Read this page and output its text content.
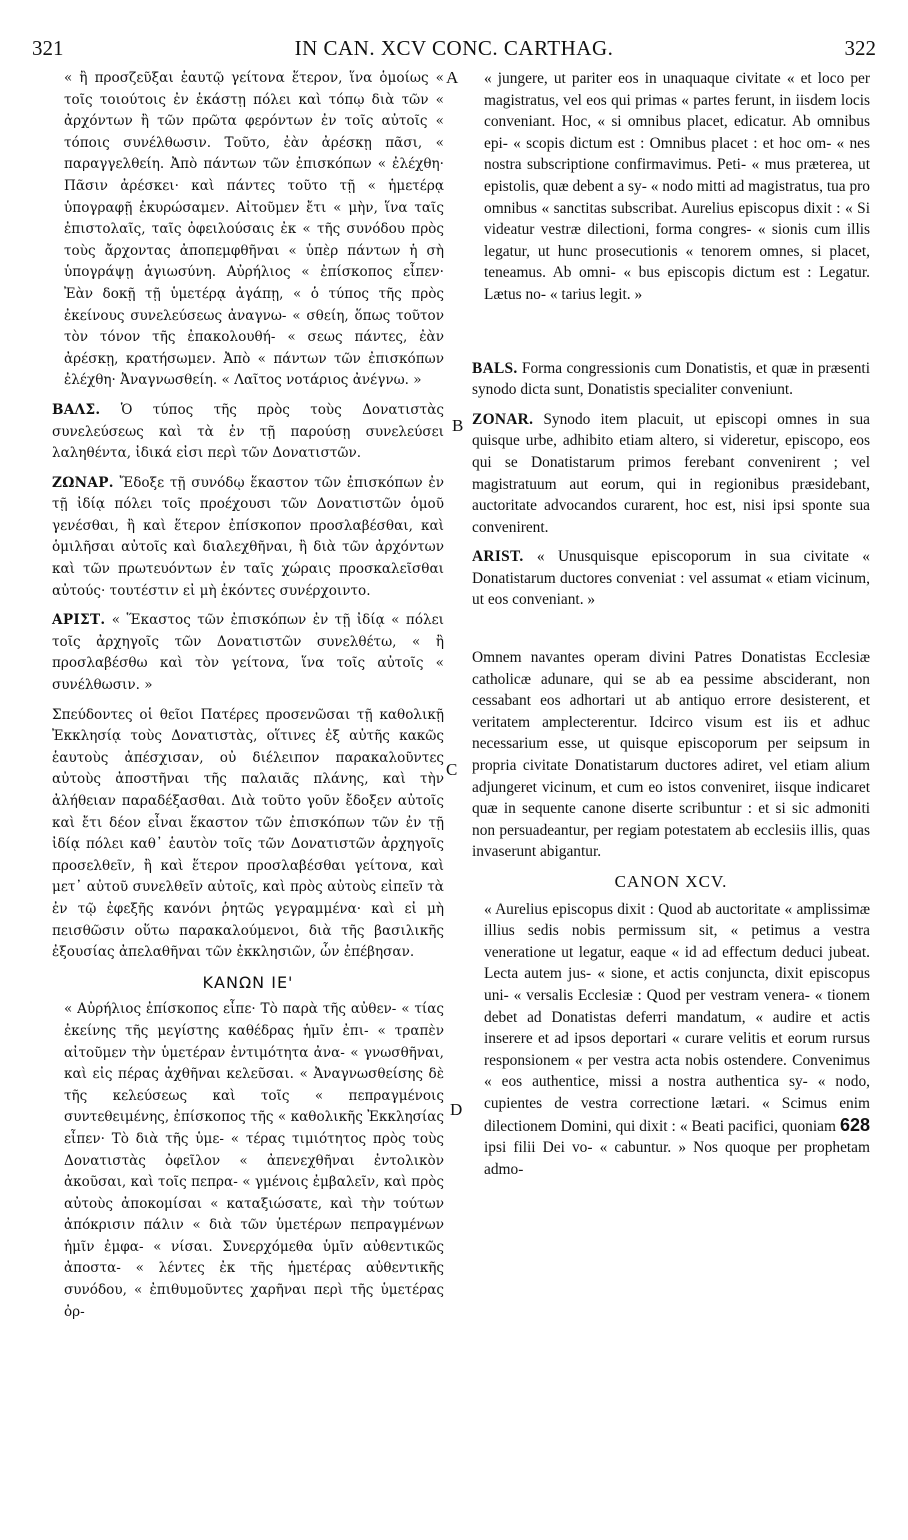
321	IN CAN. XCV CONC. CARTHAG.	322
A
B
C
D

« ἢ προσζεῦξαι ἑαυτῷ γείτονα ἕτερον, ἵνα ὁμοίως « τοῖς τοιούτοις ἐν ἑκάστῃ πόλει καὶ τόπῳ διὰ τῶν « ἀρχόντων ἢ τῶν πρῶτα φερόντων ἐν τοῖς αὐτοῖς « τόποις συνέλθωσιν. Τοῦτο, ἐὰν ἀρέσκῃ πᾶσι, « παραγγελθείη. Ἀπὸ πάντων τῶν ἐπισκόπων « ἐλέχθη· Πᾶσιν ἀρέσκει· καὶ πάντες τοῦτο τῇ « ἡμετέρᾳ ὑπογραφῇ ἐκυρώσαμεν. Αἰτοῦμεν ἔτι « μὴν, ἵνα ταῖς ἐπιστολαῖς, ταῖς ὀφειλούσαις ἐκ « τῆς συνόδου πρὸς τοὺς ἄρχοντας ἀποπεμφθῆναι « ὑπὲρ πάντων ἡ σὴ ὑπογράψῃ ἁγιωσύνη. Αὐρήλιος « ἐπίσκοπος εἶπεν· Ἐὰν δοκῇ τῇ ὑμετέρᾳ ἀγάπῃ, « ὁ τύπος τῆς πρὸς ἐκείνους συνελεύσεως ἀναγνω- « σθείη, ὅπως τοῦτον τὸν τόνον τῆς ἐπακολουθή- « σεως πάντες, ἐὰν ἀρέσκῃ, κρατήσωμεν. Ἀπὸ « πάντων τῶν ἐπισκόπων ἐλέχθη· Ἀναγνωσθείη. « Λαῖτος νοτάριος ἀνέγνω. »

ΒΑΛΣ. Ὁ τύπος τῆς πρὸς τοὺς Δονατιστὰς συνελεύσεως καὶ τὰ ἐν τῇ παρούσῃ συνελεύσει λαληθέντα, ἰδικά εἰσι περὶ τῶν Δονατιστῶν.

ΖΩΝΑΡ. Ἔδοξε τῇ συνόδῳ ἕκαστον τῶν ἐπισκόπων ἐν τῇ ἰδίᾳ πόλει τοῖς προέχουσι τῶν Δονατιστῶν ὁμοῦ γενέσθαι, ἢ καὶ ἕτερον ἐπίσκοπον προσλαβέσθαι, καὶ ὁμιλῆσαι αὐτοῖς καὶ διαλεχθῆναι, ἢ διὰ τῶν ἀρχόντων καὶ τῶν πρωτευόντων ἐν ταῖς χώραις προσκαλεῖσθαι αὐτούς· τουτέστιν εἰ μὴ ἑκόντες συνέρχοιντο.

ΑΡΙΣΤ. « Ἕκαστος τῶν ἐπισκόπων ἐν τῇ ἰδίᾳ « πόλει τοῖς ἀρχηγοῖς τῶν Δονατιστῶν συνελθέτω, « ἢ προσλαβέσθω καὶ τὸν γείτονα, ἵνα τοῖς αὐτοῖς « συνέλθωσιν. »

Σπεύδοντες οἱ θεῖοι Πατέρες προσενῶσαι τῇ καθολικῇ Ἐκκλησίᾳ τοὺς Δονατιστὰς, οἵτινες ἐξ αὐτῆς κακῶς ἑαυτοὺς ἀπέσχισαν, οὐ διέλειπον παρακαλοῦντες αὐτοὺς ἀποστῆναι τῆς παλαιᾶς πλάνης, καὶ τὴν ἀλήθειαν παραδέξασθαι. Διὰ τοῦτο γοῦν ἔδοξεν αὐτοῖς καὶ ἔτι δέον εἶναι ἕκαστον τῶν ἐπισκόπων τῶν ἐν τῇ ἰδίᾳ πόλει καθ᾿ ἑαυτὸν τοῖς τῶν Δονατιστῶν ἀρχηγοῖς προσελθεῖν, ἢ καὶ ἕτερον προσλαβέσθαι γείτονα, καὶ μετ᾿ αὐτοῦ συνελθεῖν αὐτοῖς, καὶ πρὸς αὐτοὺς εἰπεῖν τὰ ἐν τῷ ἐφεξῆς κανόνι ῥητῶς γεγραμμένα· καὶ εἰ μὴ πεισθῶσιν οὕτω παρακαλούμενοι, διὰ τῆς βασιλικῆς ἐξουσίας ἀπελαθῆναι τῶν ἐκκλησιῶν, ὧν ἐπέβησαν.

ΚΑΝΩΝ ΙΕ'

« Αὐρήλιος ἐπίσκοπος εἶπε· Τὸ παρὰ τῆς αὐθεν- « τίας ἐκείνης τῆς μεγίστης καθέδρας ἡμῖν ἐπι- « τραπὲν αἰτοῦμεν τὴν ὑμετέραν ἐντιμότητα ἀνα- « γνωσθῆναι, καὶ εἰς πέρας ἀχθῆναι κελεῦσαι. « Ἀναγνωσθείσης δὲ τῆς κελεύσεως καὶ τοῖς « πεπραγμένοις συντεθειμένης, ἐπίσκοπος τῆς « καθολικῆς Ἐκκλησίας εἶπεν· Τὸ διὰ τῆς ὑμε- « τέρας τιμιότητος πρὸς τοὺς Δονατιστὰς ὀφεῖλον « ἀπενεχθῆναι ἐντολικὸν ἀκοῦσαι, καὶ τοῖς πεπρα- « γμένοις ἐμβαλεῖν, καὶ πρὸς αὐτοὺς ἀποκομίσαι « καταξιώσατε, καὶ τὴν τούτων ἀπόκρισιν πάλιν « διὰ τῶν ὑμετέρων πεπραγμένων ἡμῖν ἐμφα- « νίσαι. Συνερχόμεθα ὑμῖν αὐθεντικῶς ἀποστα- « λέντες ἐκ τῆς ἡμετέρας αὐθεντικῆς συνόδου, « ἐπιθυμοῦντες χαρῆναι περὶ τῆς ὑμετέρας ὀρ-

« jungere, ut pariter eos in unaquaque civitate « et loco per magistratus, vel eos qui primas « partes ferunt, in iisdem locis conveniant. Hoc, « si omnibus placet, edicatur. Ab omnibus epi- « scopis dictum est : Omnibus placet : et hoc om- « nes nostra subscriptione confirmavimus. Peti- « mus præterea, ut epistolis, quæ debent a sy- « nodo mitti ad magistratus, tua pro omnibus « sanctitas subscribat. Aurelius episcopus dixit : « Si videatur vestræ dilectioni, forma congres- « sionis cum illis legatur, ut hunc prosecutionis « tenorem omnes, si placet, teneamus. Ab omni- « bus episcopis dictum est : Legatur. Lætus no- « tarius legit. »

BALS. Forma congressionis cum Donatistis, et quæ in præsenti synodo dicta sunt, Donatistis specialiter conveniunt.

ZONAR. Synodo item placuit, ut episcopi omnes in sua quisque urbe, adhibito etiam altero, si videretur, episcopo, eos qui se Donatistarum primos ferebant convenirent ; vel magistratuum aut eorum, qui in regionibus præsidebant, auctoritate advocandos curarent, hoc est, nisi ipsi sponte sua convenirent.

ARIST. « Unusquisque episcoporum in sua civitate « Donatistarum ductores conveniat : vel assumat « etiam vicinum, ut eos conveniant. »

Omnem navantes operam divini Patres Donatistas Ecclesiæ catholicæ adunare, qui se ab ea pessime absciderant, non cessabant eos adhortari ut ab antiquo errore desisterent, et veritatem amplecterentur. Idcirco visum est iis et adhuc necessarium esse, ut quisque episcoporum per seipsum in propria civitate Donatistarum ductores adiret, vel etiam alium adjungeret vicinum, et cum eo istos conveniret, iisque indicaret quæ in sequente canone diserte scribuntur : et si sic admoniti non persuadeantur, per regiam potestatem ab ecclesiis illis, quas invaserunt abigantur.

CANON XCV.

« Aurelius episcopus dixit : Quod ab auctoritate « amplissimæ illius sedis nobis permissum sit, « petimus a vestra veneratione ut legatur, eaque « id ad effectum deduci jubeat. Lecta autem jus- « sione, et actis conjuncta, dixit episcopus uni- « versalis Ecclesiæ : Quod per vestram venera- « tionem debet ad Donatistas deferri mandatum, « audire et actis inserere et ad ipsos deportari « curare velitis et eorum rursus responsionem « per vestra acta nobis ostendere. Convenimus « eos authentice, missi a nostra authentica sy- « nodo, cupientes de vestra correctione lætari. « Scimus enim dilectionem Domini, qui dixit : « Beati pacifici, quoniam 628 ipsi filii Dei vo- « cabuntur. » Nos quoque per prophetam admo-
